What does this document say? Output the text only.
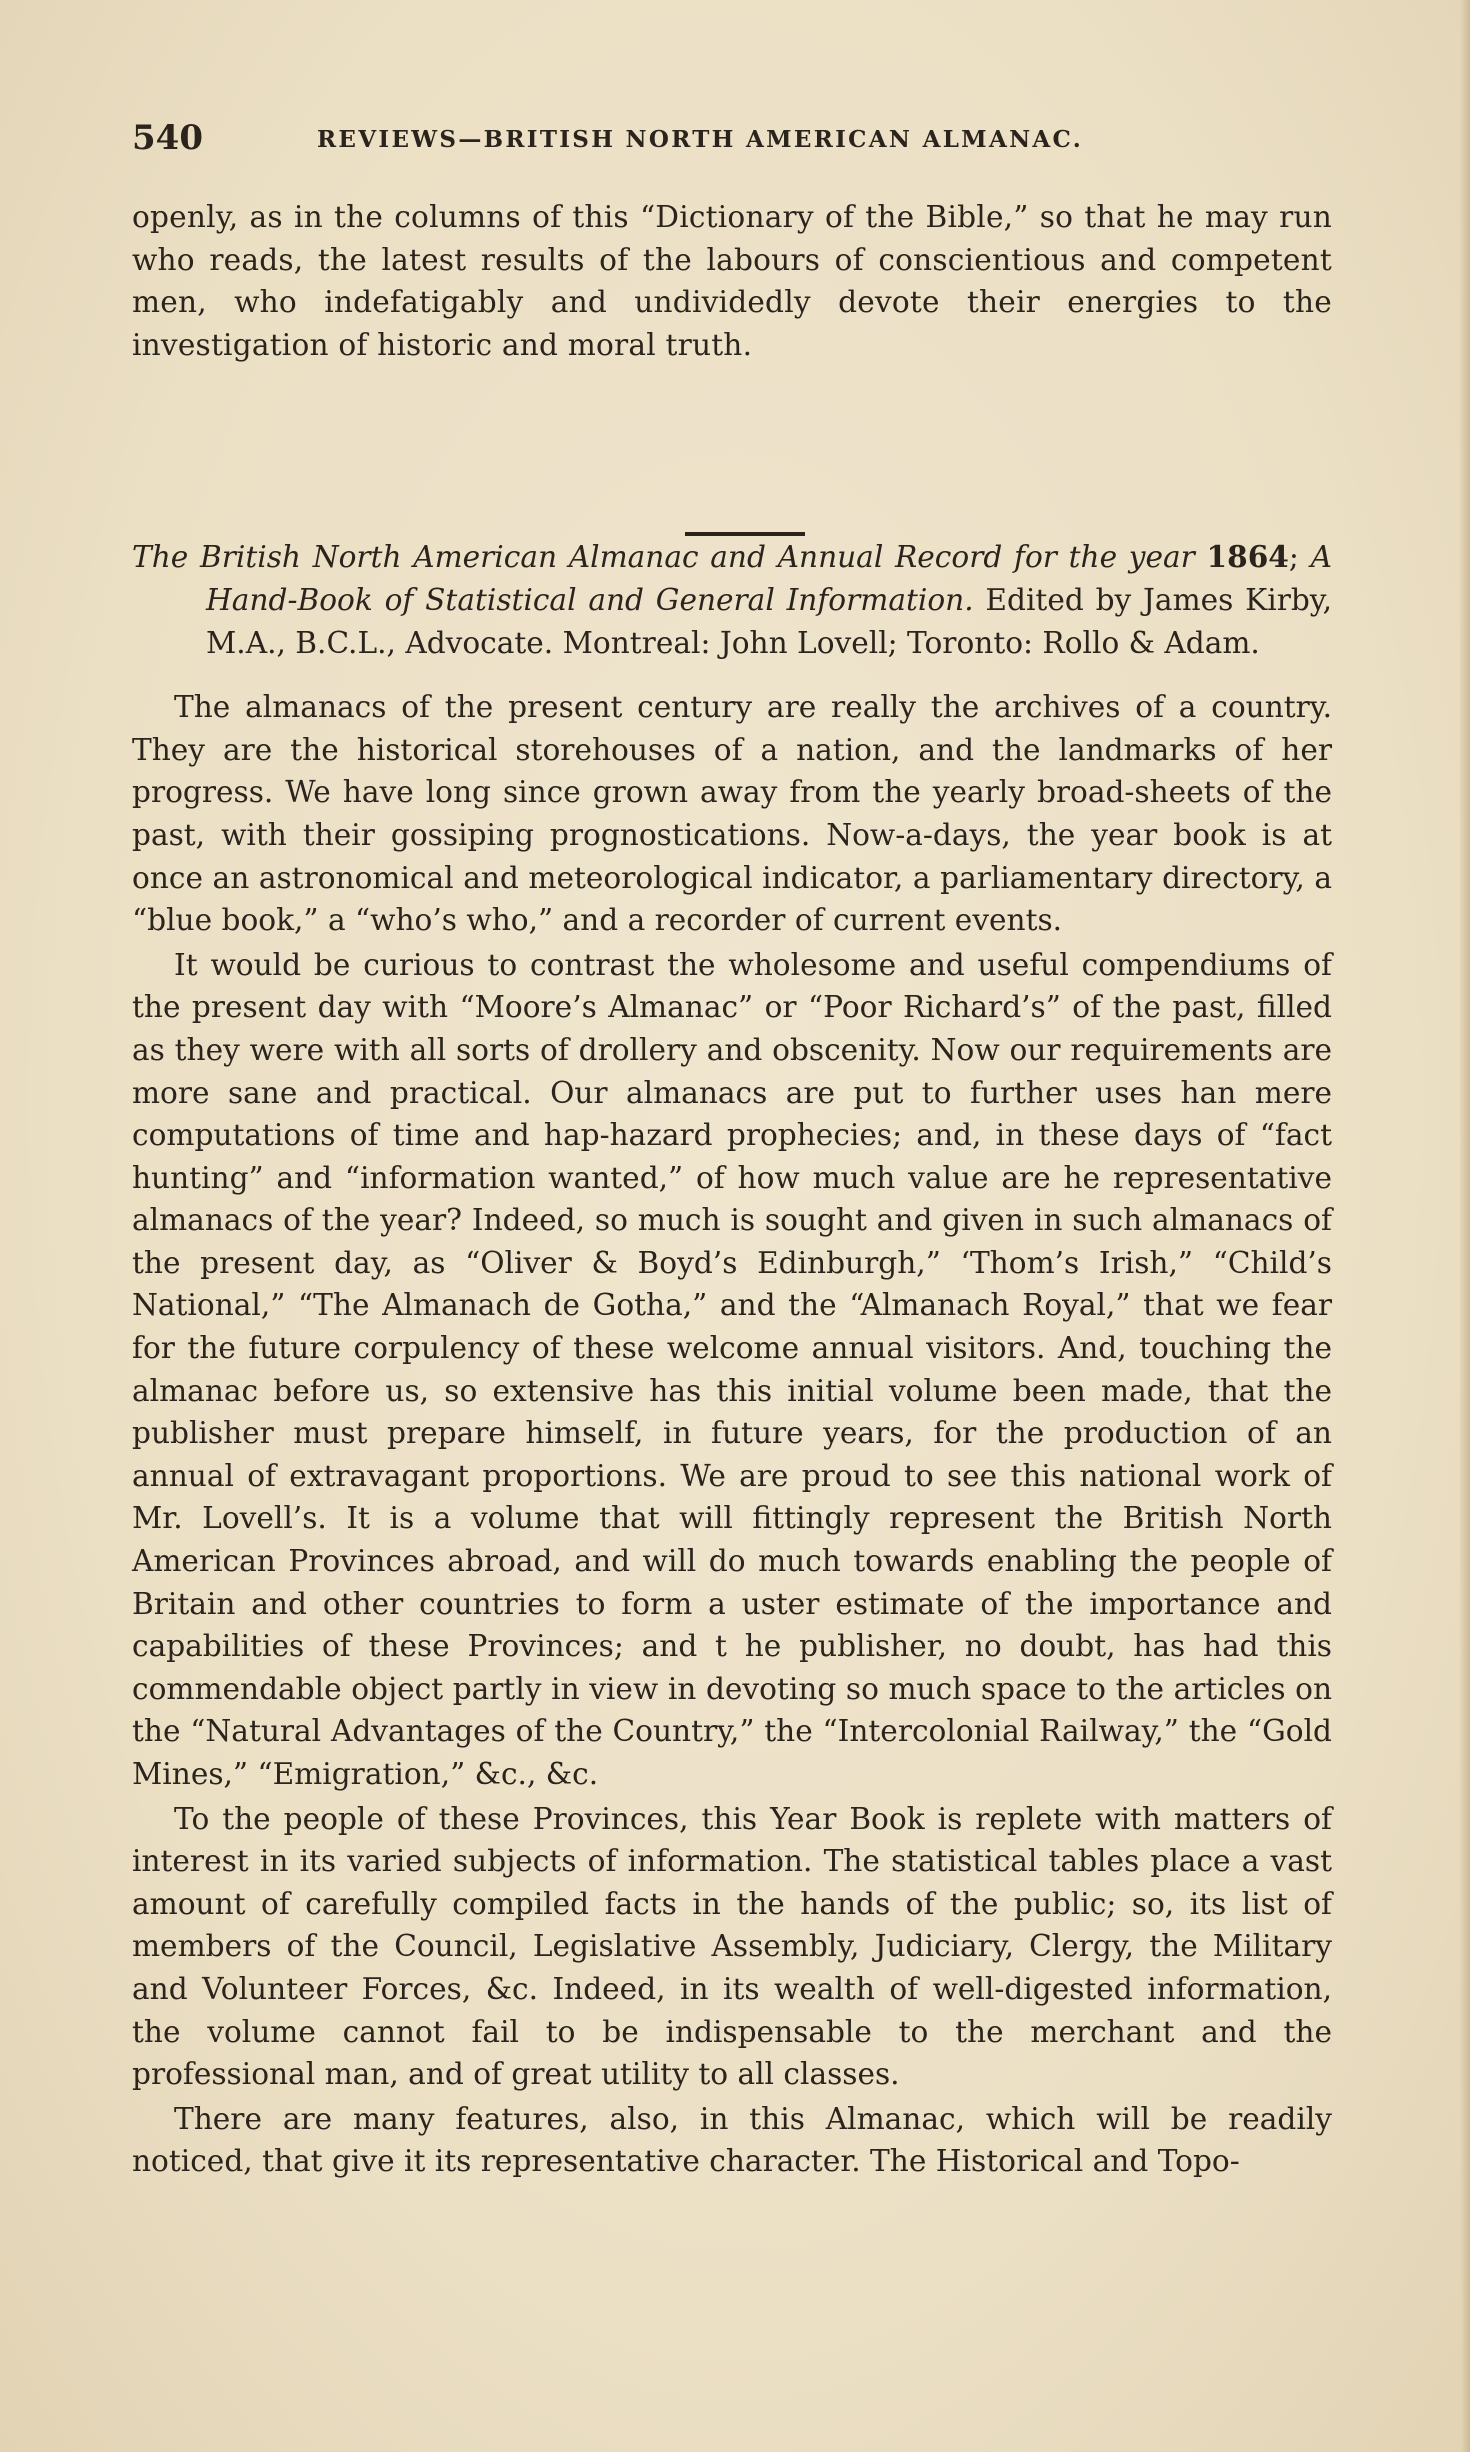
540	REVIEWS—BRITISH NORTH AMERICAN ALMANAC.

openly, as in the columns of this “Dictionary of the Bible,” so that he may run who reads, the latest results of the labours of conscientious and competent men, who indefatigably and undividedly devote their energies to the investigation of historic and moral truth.

The British North American Almanac and Annual Record for the year 1864; A Hand-Book of Statistical and General Information. Edited by James Kirby, M.A., B.C.L., Advocate. Montreal: John Lovell; Toronto: Rollo & Adam.

The almanacs of the present century are really the archives of a country. They are the historical storehouses of a nation, and the landmarks of her progress. We have long since grown away from the yearly broad-sheets of the past, with their gossiping prognostications. Now-a-days, the year book is at once an astronomical and meteorological indicator, a parliamentary directory, a “blue book,” a “who’s who,” and a recorder of current events.

It would be curious to contrast the wholesome and useful compendiums of the present day with “Moore’s Almanac” or “Poor Richard’s” of the past, filled as they were with all sorts of drollery and obscenity. Now our requirements are more sane and practical. Our almanacs are put to further uses han mere computations of time and hap-hazard prophecies; and, in these days of “fact hunting” and “information wanted,” of how much value are he representative almanacs of the year? Indeed, so much is sought and given in such almanacs of the present day, as “Oliver & Boyd’s Edinburgh,” ‘Thom’s Irish,” “Child’s National,” “The Almanach de Gotha,” and the “Almanach Royal,” that we fear for the future corpulency of these welcome annual visitors. And, touching the almanac before us, so extensive has this initial volume been made, that the publisher must prepare himself, in future years, for the production of an annual of extravagant proportions. We are proud to see this national work of Mr. Lovell’s. It is a volume that will fittingly represent the British North American Provinces abroad, and will do much towards enabling the people of Britain and other countries to form a uster estimate of the importance and capabilities of these Provinces; and t he publisher, no doubt, has had this commendable object partly in view in devoting so much space to the articles on the “Natural Advantages of the Country,” the “Intercolonial Railway,” the “Gold Mines,” “Emigration,” &c., &c.

To the people of these Provinces, this Year Book is replete with matters of interest in its varied subjects of information. The statistical tables place a vast amount of carefully compiled facts in the hands of the public; so, its list of members of the Council, Legislative Assembly, Judiciary, Clergy, the Military and Volunteer Forces, &c. Indeed, in its wealth of well-digested information, the volume cannot fail to be indispensable to the merchant and the professional man, and of great utility to all classes.

There are many features, also, in this Almanac, which will be readily noticed, that give it its representative character. The Historical and Topo-
